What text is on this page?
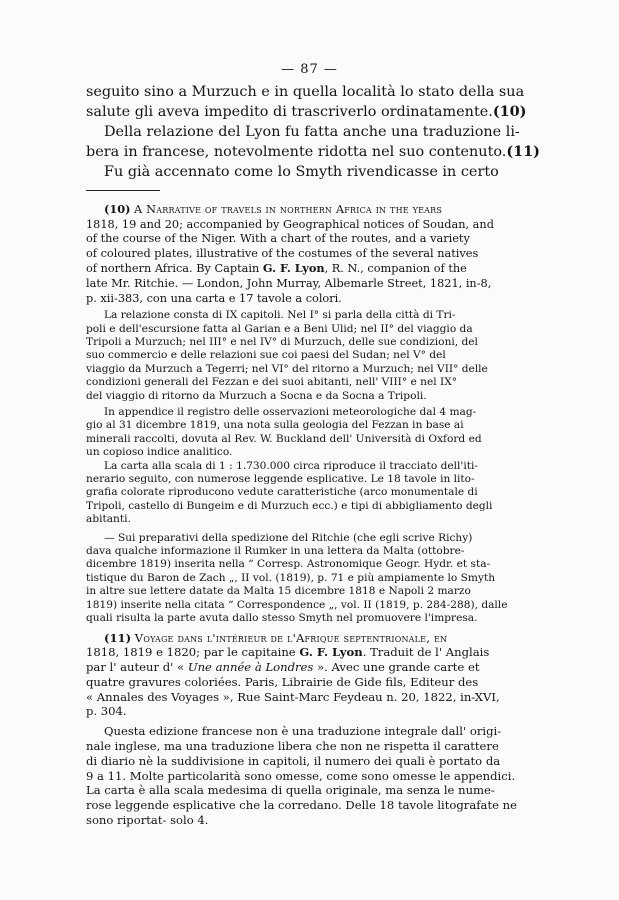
— 87 —
seguito sino a Murzuch e in quella località lo stato della sua
salute gli aveva impedito di trascriverlo ordinatamente.(10)
Della relazione del Lyon fu fatta anche una traduzione li-
bera in francese, notevolmente ridotta nel suo contenuto.(11)
Fu già accennato come lo Smyth rivendicasse in certo
(10) A Narrative of travels in northern Africa in the years
1818, 19 and 20; accompanied by Geographical notices of Soudan, and
of the course of the Niger. With a chart of the routes, and a variety
of coloured plates, illustrative of the costumes of the several natives
of northern Africa. By Captain G. F. Lyon, R. N., companion of the
late Mr. Ritchie. — London, John Murray, Albemarle Street, 1821, in-8,
p. xii-383, con una carta e 17 tavole a colori.
La relazione consta di IX capitoli. Nel I° si parla della città di Tri-
poli e dell'escursione fatta al Garian e a Beni Ulid; nel II° del viaggio da
Tripoli a Murzuch; nel III° e nel IV° di Murzuch, delle sue condizioni, del
suo commercio e delle relazioni sue coi paesi del Sudan; nel V° del
viaggio da Murzuch a Tegerri; nel VI° del ritorno a Murzuch; nel VII° delle
condizioni generali del Fezzan e dei suoi abitanti, nell' VIII° e nel IX°
del viaggio di ritorno da Murzuch a Socna e da Socna a Tripoli.
In appendice il registro delle osservazioni meteorologiche dal 4 mag-
gio al 31 dicembre 1819, una nota sulla geologia del Fezzan in base ai
minerali raccolti, dovuta al Rev. W. Buckland dell' Università di Oxford ed
un copioso indice analitico.
La carta alla scala di 1 : 1.730.000 circa riproduce il tracciato dell'iti-
nerario seguito, con numerose leggende esplicative. Le 18 tavole in lito-
grafia colorate riproducono vedute caratteristiche (arco monumentale di
Tripoli, castello di Bungeim e di Murzuch ecc.) e tipi di abbigliamento degli
abitanti.
— Sui preparativi della spedizione del Ritchie (che egli scrive Richy)
dava qualche informazione il Rumker in una lettera da Malta (ottobre-
dicembre 1819) inserita nella “ Corresp. Astronomique Geogr. Hydr. et sta-
tistique du Baron de Zach „, II vol. (1819), p. 71 e più ampiamente lo Smyth
in altre sue lettere datate da Malta 15 dicembre 1818 e Napoli 2 marzo
1819) inserite nella citata “ Correspondence „, vol. II (1819, p. 284-288), dalle
quali risulta la parte avuta dallo stesso Smyth nel promuovere l'impresa.
(11) Voyage dans l'intérieur de l'Afrique septentrionale, en
1818, 1819 e 1820; par le capitaine G. F. Lyon. Traduit de l' Anglais
par l' auteur d' « Une année à Londres ». Avec une grande carte et
quatre gravures coloriées. Paris, Librairie de Gide fils, Editeur des
« Annales des Voyages », Rue Saint-Marc Feydeau n. 20, 1822, in-XVI,
p. 304.
Questa edizione francese non è una traduzione integrale dall' origi-
nale inglese, ma una traduzione libera che non ne rispetta il carattere
di diario nè la suddivisione in capitoli, il numero dei quali è portato da
9 a 11. Molte particolarità sono omesse, come sono omesse le appendici.
La carta è alla scala medesima di quella originale, ma senza le nume-
rose leggende esplicative che la corredano. Delle 18 tavole litografate ne
sono riportat- solo 4.
